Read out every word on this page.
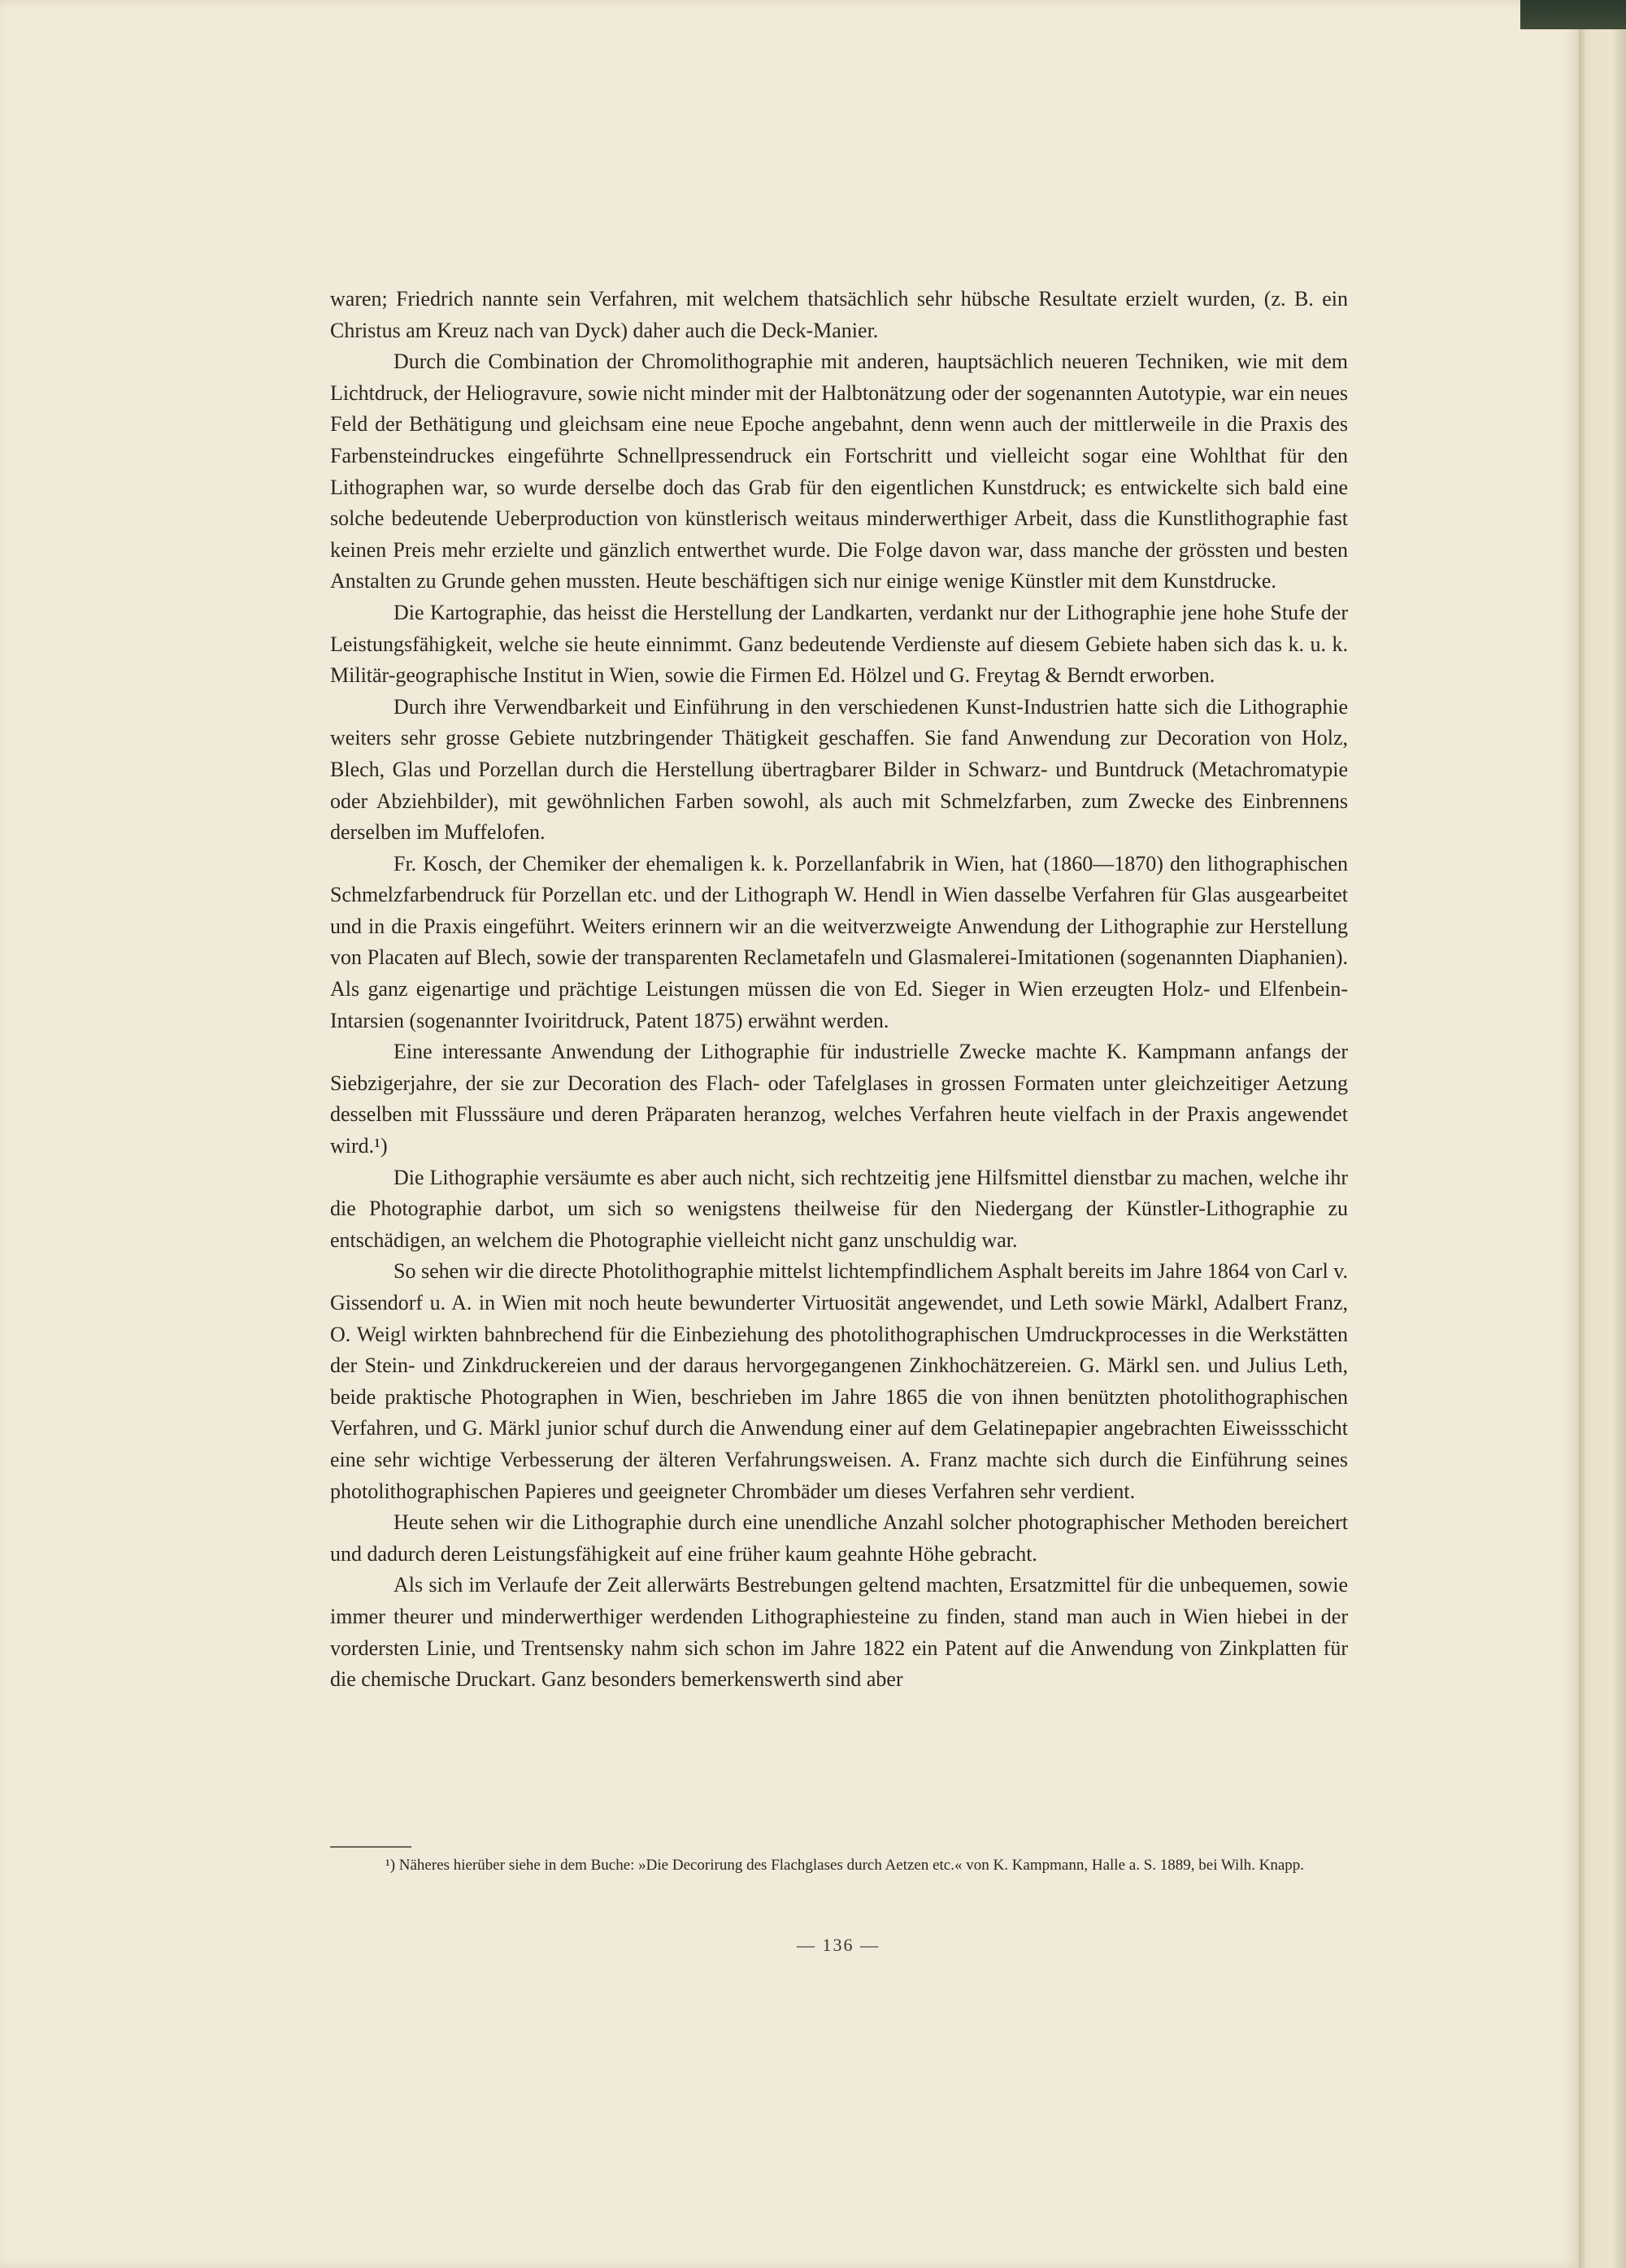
waren; Friedrich nannte sein Verfahren, mit welchem thatsächlich sehr hübsche Resultate erzielt wurden, (z. B. ein Christus am Kreuz nach van Dyck) daher auch die Deck-Manier.

Durch die Combination der Chromolithographie mit anderen, hauptsächlich neueren Techniken, wie mit dem Lichtdruck, der Heliogravure, sowie nicht minder mit der Halbtonätzung oder der sogenannten Autotypie, war ein neues Feld der Bethätigung und gleichsam eine neue Epoche angebahnt, denn wenn auch der mittlerweile in die Praxis des Farbensteindruckes eingeführte Schnellpressendruck ein Fortschritt und vielleicht sogar eine Wohlthat für den Lithographen war, so wurde derselbe doch das Grab für den eigentlichen Kunstdruck; es entwickelte sich bald eine solche bedeutende Ueberproduction von künstlerisch weitaus minderwerthiger Arbeit, dass die Kunstlithographie fast keinen Preis mehr erzielte und gänzlich entwerthet wurde. Die Folge davon war, dass manche der grössten und besten Anstalten zu Grunde gehen mussten. Heute beschäftigen sich nur einige wenige Künstler mit dem Kunstdrucke.

Die Kartographie, das heisst die Herstellung der Landkarten, verdankt nur der Lithographie jene hohe Stufe der Leistungsfähigkeit, welche sie heute einnimmt. Ganz bedeutende Verdienste auf diesem Gebiete haben sich das k. u. k. Militär-geographische Institut in Wien, sowie die Firmen Ed. Hölzel und G. Freytag & Berndt erworben.

Durch ihre Verwendbarkeit und Einführung in den verschiedenen Kunst-Industrien hatte sich die Lithographie weiters sehr grosse Gebiete nutzbringender Thätigkeit geschaffen. Sie fand Anwendung zur Decoration von Holz, Blech, Glas und Porzellan durch die Herstellung übertragbarer Bilder in Schwarz- und Buntdruck (Metachromatypie oder Abziehbilder), mit gewöhnlichen Farben sowohl, als auch mit Schmelzfarben, zum Zwecke des Einbrennens derselben im Muffelofen.

Fr. Kosch, der Chemiker der ehemaligen k. k. Porzellanfabrik in Wien, hat (1860—1870) den lithographischen Schmelzfarbendruck für Porzellan etc. und der Lithograph W. Hendl in Wien dasselbe Verfahren für Glas ausgearbeitet und in die Praxis eingeführt. Weiters erinnern wir an die weitverzweigte Anwendung der Lithographie zur Herstellung von Placaten auf Blech, sowie der transparenten Reclametafeln und Glasmalerei-Imitationen (sogenannten Diaphanien). Als ganz eigenartige und prächtige Leistungen müssen die von Ed. Sieger in Wien erzeugten Holz- und Elfenbein-Intarsien (sogenannter Ivoiritdruck, Patent 1875) erwähnt werden.

Eine interessante Anwendung der Lithographie für industrielle Zwecke machte K. Kampmann anfangs der Siebzigerjahre, der sie zur Decoration des Flach- oder Tafelglases in grossen Formaten unter gleichzeitiger Aetzung desselben mit Flusssäure und deren Präparaten heranzog, welches Verfahren heute vielfach in der Praxis angewendet wird.¹)

Die Lithographie versäumte es aber auch nicht, sich rechtzeitig jene Hilfsmittel dienstbar zu machen, welche ihr die Photographie darbot, um sich so wenigstens theilweise für den Niedergang der Künstler-Lithographie zu entschädigen, an welchem die Photographie vielleicht nicht ganz unschuldig war.

So sehen wir die directe Photolithographie mittelst lichtempfindlichem Asphalt bereits im Jahre 1864 von Carl v. Gissendorf u. A. in Wien mit noch heute bewunderter Virtuosität angewendet, und Leth sowie Märkl, Adalbert Franz, O. Weigl wirkten bahnbrechend für die Einbeziehung des photolithographischen Umdruckprocesses in die Werkstätten der Stein- und Zinkdruckereien und der daraus hervorgegangenen Zinkhochätzereien. G. Märkl sen. und Julius Leth, beide praktische Photographen in Wien, beschrieben im Jahre 1865 die von ihnen benützten photolithographischen Verfahren, und G. Märkl junior schuf durch die Anwendung einer auf dem Gelatinepapier angebrachten Eiweissschicht eine sehr wichtige Verbesserung der älteren Verfahrungsweisen. A. Franz machte sich durch die Einführung seines photolithographischen Papieres und geeigneter Chrombäder um dieses Verfahren sehr verdient.

Heute sehen wir die Lithographie durch eine unendliche Anzahl solcher photographischer Methoden bereichert und dadurch deren Leistungsfähigkeit auf eine früher kaum geahnte Höhe gebracht.

Als sich im Verlaufe der Zeit allerwärts Bestrebungen geltend machten, Ersatzmittel für die unbequemen, sowie immer theurer und minderwerthiger werdenden Lithographiesteine zu finden, stand man auch in Wien hiebei in der vordersten Linie, und Trentsensky nahm sich schon im Jahre 1822 ein Patent auf die Anwendung von Zinkplatten für die chemische Druckart. Ganz besonders bemerkenswerth sind aber

¹) Näheres hierüber siehe in dem Buche: »Die Decorirung des Flachglases durch Aetzen etc.« von K. Kampmann, Halle a. S. 1889, bei Wilh. Knapp.
— 136 —
